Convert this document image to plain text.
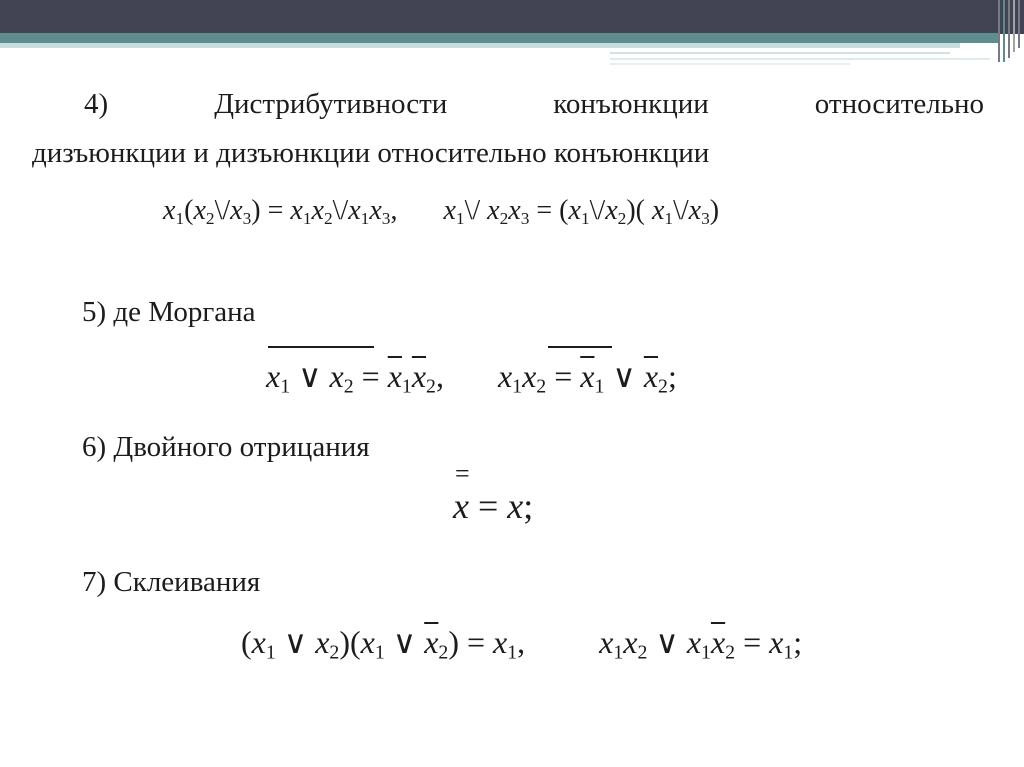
4)	Дистрибутивности	конъюнкции	относительно
дизъюнкции и дизъюнкции относительно конъюнкции
$x_1(x_2\backslash/x_3)$ = $x_1x_2\backslash/x_1x_3$, $x_1\backslash/$ $x_2x_3$ = $(x_1\backslash/x_2)$( $x_1\backslash/x_3$)
5) де Моргана
$x_1$ ∨ $x_2 = \overline{x}_1\overline{x}_2$, $x_1x_2 = \overline{x}_1$ ∨ $\overline{x}_2$;
6) Двойного отрицания
=
x = x;
7) Склеивания
($x_1$ ∨ $x_2)(x_1$ ∨ $\overline{x}_2) = x_1$, $x_1x_2$ ∨ $x_1\overline{x}_2 = x_1$;
